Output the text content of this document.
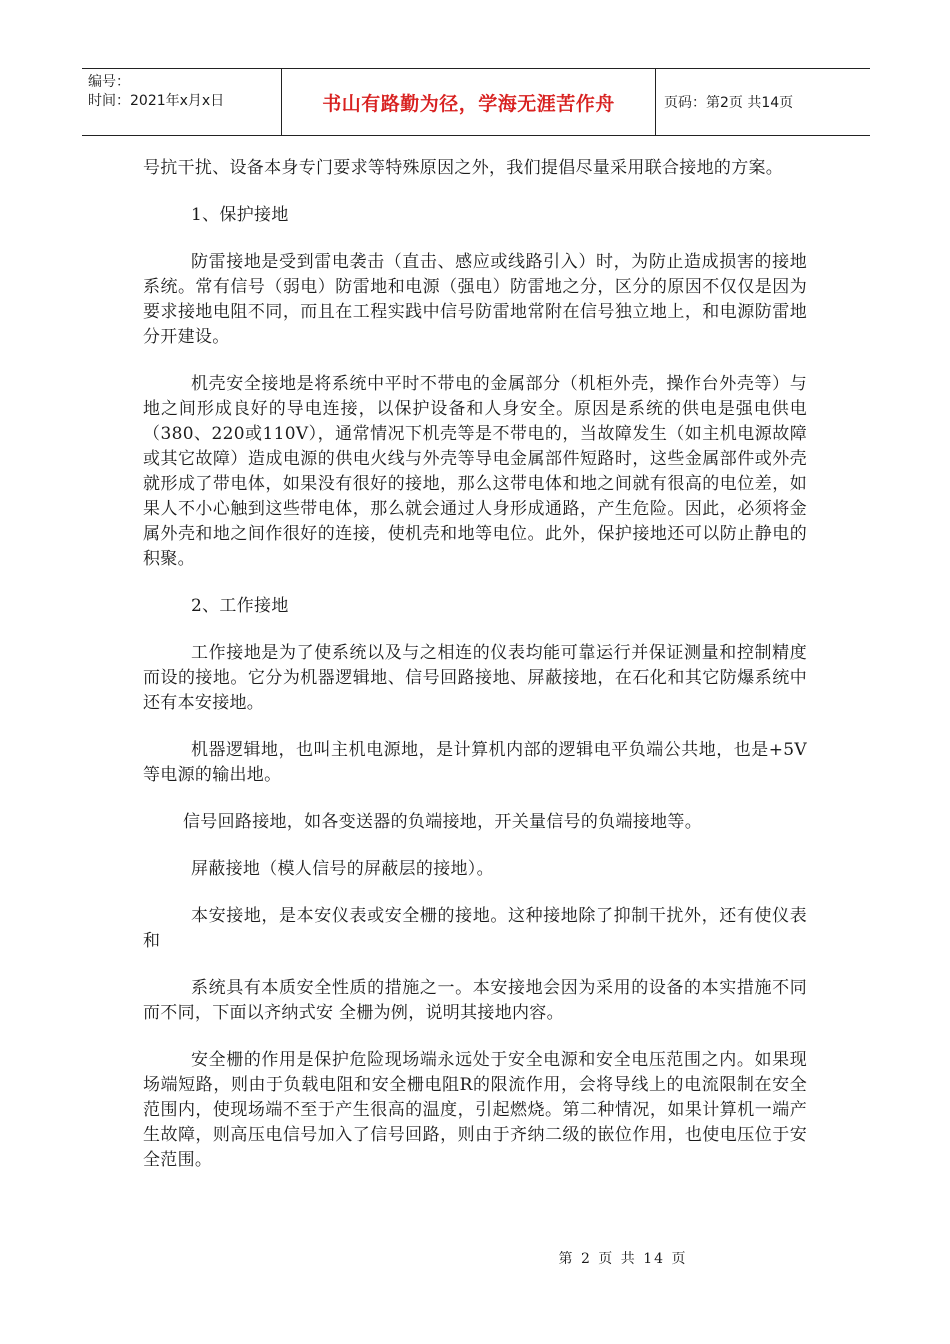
编号：
时间：2021年x月x日	书山有路勤为径，学海无涯苦作舟	页码：第2页 共14页

号抗干扰、设备本身专门要求等特殊原因之外，我们提倡尽量采用联合接地的方案。

1、保护接地

防雷接地是受到雷电袭击（直击、感应或线路引入）时，为防止造成损害的接地系统。常有信号（弱电）防雷地和电源（强电）防雷地之分，区分的原因不仅仅是因为要求接地电阻不同，而且在工程实践中信号防雷地常附在信号独立地上，和电源防雷地分开建设。

机壳安全接地是将系统中平时不带电的金属部分（机柜外壳，操作台外壳等）与地之间形成良好的导电连接，以保护设备和人身安全。原因是系统的供电是强电供电（380、220或110V），通常情况下机壳等是不带电的，当故障发生（如主机电源故障或其它故障）造成电源的供电火线与外壳等导电金属部件短路时，这些金属部件或外壳就形成了带电体，如果没有很好的接地，那么这带电体和地之间就有很高的电位差，如果人不小心触到这些带电体，那么就会通过人身形成通路，产生危险。因此，必须将金属外壳和地之间作很好的连接，使机壳和地等电位。此外，保护接地还可以防止静电的积聚。

2、工作接地

工作接地是为了使系统以及与之相连的仪表均能可靠运行并保证测量和控制精度而设的接地。它分为机器逻辑地、信号回路接地、屏蔽接地，在石化和其它防爆系统中还有本安接地。

机器逻辑地，也叫主机电源地，是计算机内部的逻辑电平负端公共地，也是+5V等电源的输出地。

信号回路接地，如各变送器的负端接地，开关量信号的负端接地等。

屏蔽接地（模人信号的屏蔽层的接地）。

本安接地，是本安仪表或安全栅的接地。这种接地除了抑制干扰外，还有使仪表和

系统具有本质安全性质的措施之一。本安接地会因为采用的设备的本实措施不同而不同，下面以齐纳式安 全栅为例，说明其接地内容。

安全栅的作用是保护危险现场端永远处于安全电源和安全电压范围之内。如果现场端短路，则由于负载电阻和安全栅电阻R的限流作用，会将导线上的电流限制在安全范围内，使现场端不至于产生很高的温度，引起燃烧。第二种情况，如果计算机一端产生故障，则高压电信号加入了信号回路，则由于齐纳二级的嵌位作用，也使电压位于安全范围。

第 2 页 共 14 页
